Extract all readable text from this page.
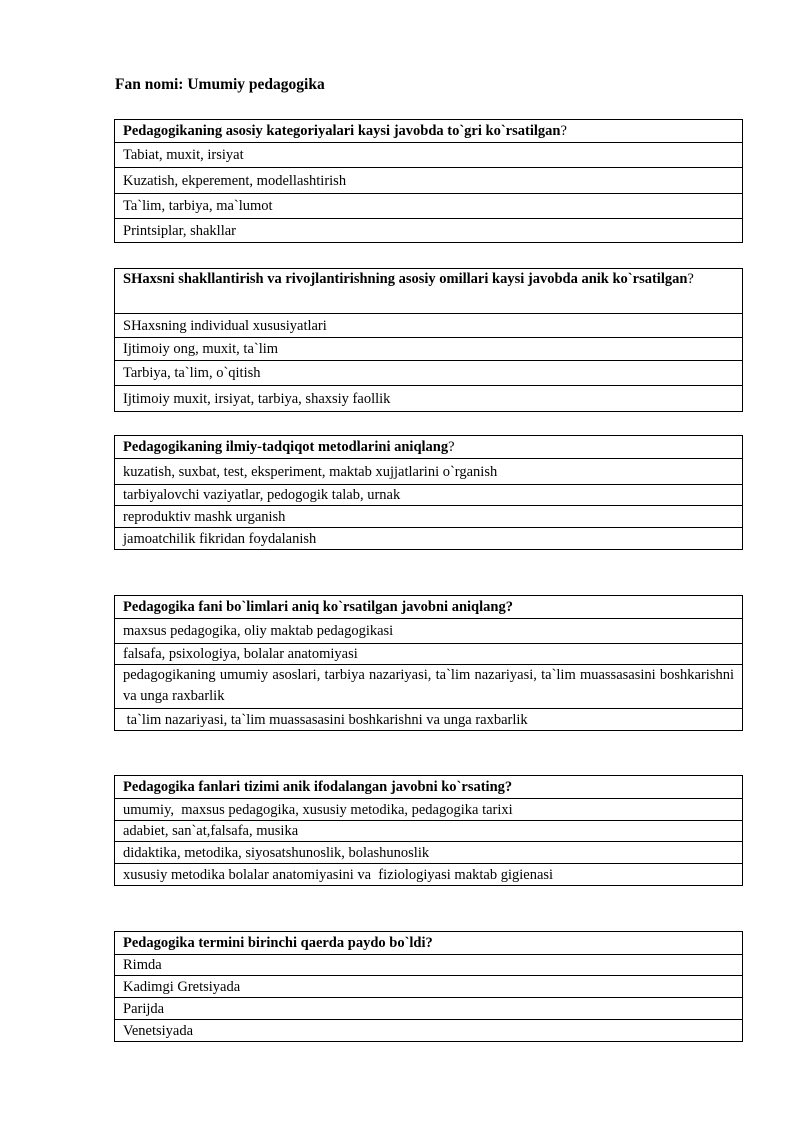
Fan nomi: Umumiy pedagogika
Pedagogikaning asosiy kategoriyalari kaysi javobda to`gri ko`rsatilgan?
Tabiat, muxit, irsiyat
Kuzatish, ekperement, modellashtirish
Ta`lim, tarbiya, ma`lumot
Printsiplar, shakllar
SHaxsni shakllantirish va rivojlantirishning asosiy omillari kaysi javobda anik ko`rsatilgan?
SHaxsning individual xususiyatlari
Ijtimoiy ong, muxit, ta`lim
Tarbiya, ta`lim, o`qitish
Ijtimoiy muxit, irsiyat, tarbiya, shaxsiy faollik
Pedagogikaning ilmiy-tadqiqot metodlarini aniqlang?
kuzatish, suxbat, test, eksperiment, maktab xujjatlarini o`rganish
tarbiyalovchi vaziyatlar, pedogogik talab, urnak
reproduktiv mashk urganish
jamoatchilik fikridan foydalanish
Pedagogika fani bo`limlari aniq ko`rsatilgan javobni aniqlang?
maxsus pedagogika, oliy maktab pedagogikasi
falsafa, psixologiya, bolalar anatomiyasi
pedagogikaning umumiy asoslari, tarbiya nazariyasi, ta`lim nazariyasi, ta`lim muassasasini boshkarishni va unga raxbarlik
ta`lim nazariyasi, ta`lim muassasasini boshkarishni va unga raxbarlik
Pedagogika fanlari tizimi anik ifodalangan javobni ko`rsating?
umumiy,  maxsus pedagogika, xususiy metodika, pedagogika tarixi
adabiet, san`at,falsafa, musika
didaktika, metodika, siyosatshunoslik, bolashunoslik
xususiy metodika bolalar anatomiyasini va  fiziologiyasi maktab gigienasi
Pedagogika termini birinchi qaerda paydo bo`ldi?
Rimda
Kadimgi Gretsiyada
Parijda
Venetsiyada
